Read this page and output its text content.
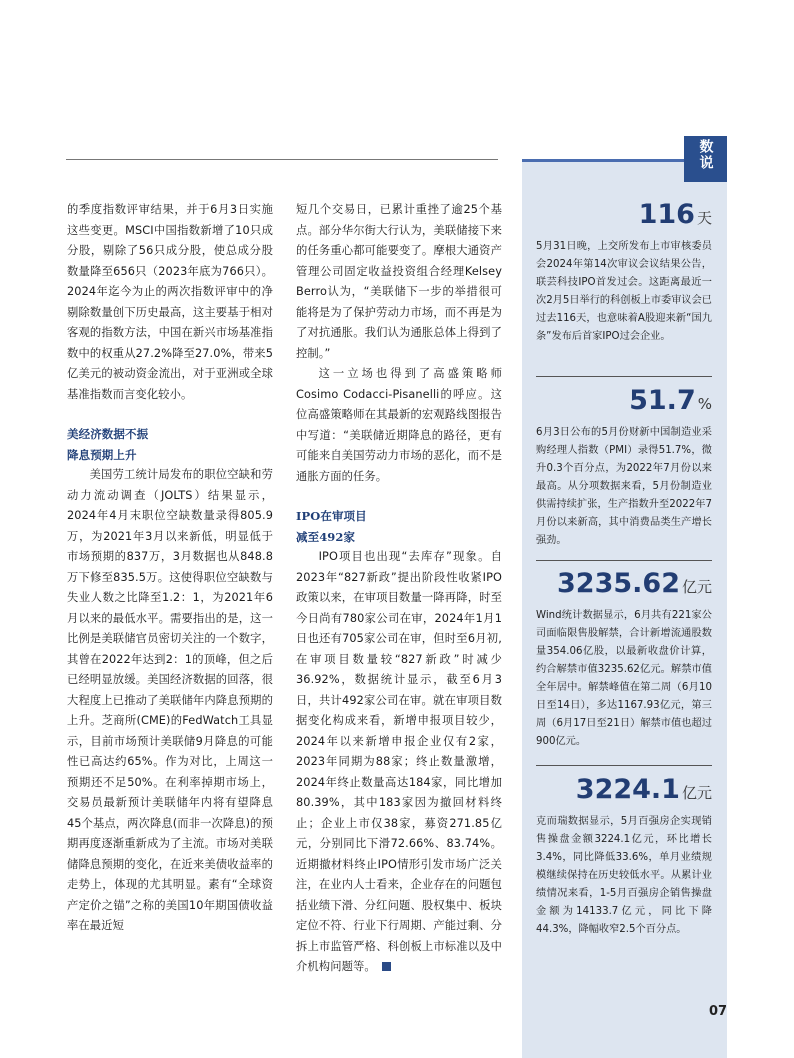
的季度指数评审结果，并于6月3日实施这些变更。MSCI中国指数新增了10只成分股，剔除了56只成分股，使总成分股数量降至656只（2023年底为766只）。2024年迄今为止的两次指数评审中的净剔除数量创下历史最高，这主要基于相对客观的指数方法，中国在新兴市场基准指数中的权重从27.2%降至27.0%，带来5亿美元的被动资金流出，对于亚洲或全球基准指数而言变化较小。

美经济数据不振
降息预期上升

美国劳工统计局发布的职位空缺和劳动力流动调查（JOLTS）结果显示，2024年4月末职位空缺数量录得805.9万，为2021年3月以来新低，明显低于市场预期的837万，3月数据也从848.8万下修至835.5万。这使得职位空缺数与失业人数之比降至1.2：1，为2021年6月以来的最低水平。需要指出的是，这一比例是美联储官员密切关注的一个数字，其曾在2022年达到2：1的顶峰，但之后已经明显放缓。美国经济数据的回落，很大程度上已推动了美联储年内降息预期的上升。芝商所(CME)的FedWatch工具显示，目前市场预计美联储9月降息的可能性已高达约65%。作为对比，上周这一预期还不足50%。在利率掉期市场上，交易员最新预计美联储年内将有望降息45个基点，两次降息(而非一次降息)的预期再度逐渐重新成为了主流。市场对美联储降息预期的变化，在近来美债收益率的走势上，体现的尤其明显。素有“全球资产定价之锚”之称的美国10年期国债收益率在最近短

短几个交易日，已累计重挫了逾25个基点。部分华尔街大行认为，美联储接下来的任务重心都可能要变了。摩根大通资产管理公司固定收益投资组合经理Kelsey Berro认为，“美联储下一步的举措很可能将是为了保护劳动力市场，而不再是为了对抗通胀。我们认为通胀总体上得到了控制。”

这一立场也得到了高盛策略师Cosimo Codacci-Pisanelli的呼应。这位高盛策略师在其最新的宏观路线图报告中写道：“美联储近期降息的路径，更有可能来自美国劳动力市场的恶化，而不是通胀方面的任务。

IPO在审项目
减至492家

IPO项目也出现“去库存”现象。自2023年“827新政”提出阶段性收紧IPO政策以来，在审项目数量一降再降，时至今日尚有780家公司在审，2024年1月1日也还有705家公司在审，但时至6月初,在审项目数量较“827新政”时减少36.92%，数据统计显示，截至6月3日，共计492家公司在审。就在审项目数据变化构成来看，新增申报项目较少，2024年以来新增申报企业仅有2家，2023年同期为88家；终止数量激增，2024年终止数量高达184家，同比增加80.39%，其中183家因为撤回材料终止；企业上市仅38家，募资271.85亿元，分别同比下滑72.66%、83.74%。近期撤材料终止IPO情形引发市场广泛关注，在业内人士看来，企业存在的问题包括业绩下滑、分红问题、股权集中、板块定位不符、行业下行周期、产能过剩、分拆上市监管严格、科创板上市标准以及中介机构问题等。

数说
116 天
5月31日晚，上交所发布上市审核委员会2024年第14次审议会议结果公告，联芸科技IPO首发过会。这距离最近一次2月5日举行的科创板上市委审议会已过去116天，也意味着A股迎来新“国九条”发布后首家IPO过会企业。
51.7 %
6月3日公布的5月份财新中国制造业采购经理人指数（PMI）录得51.7%，微升0.3个百分点，为2022年7月份以来最高。从分项数据来看，5月份制造业供需持续扩张，生产指数升至2022年7月份以来新高，其中消费品类生产增长强劲。
3235.62 亿元
Wind统计数据显示，6月共有221家公司面临限售股解禁，合计新增流通股数量354.06亿股，以最新收盘价计算，约合解禁市值3235.62亿元。解禁市值全年居中。解禁峰值在第二周（6月10日至14日），多达1167.93亿元，第三周（6月17日至21日）解禁市值也超过900亿元。
3224.1 亿元
克而瑞数据显示，5月百强房企实现销售操盘金额3224.1亿元，环比增长3.4%，同比降低33.6%，单月业绩规模继续保持在历史较低水平。从累计业绩情况来看，1-5月百强房企销售操盘金额为14133.7亿元，同比下降44.3%，降幅收窄2.5个百分点。
07
